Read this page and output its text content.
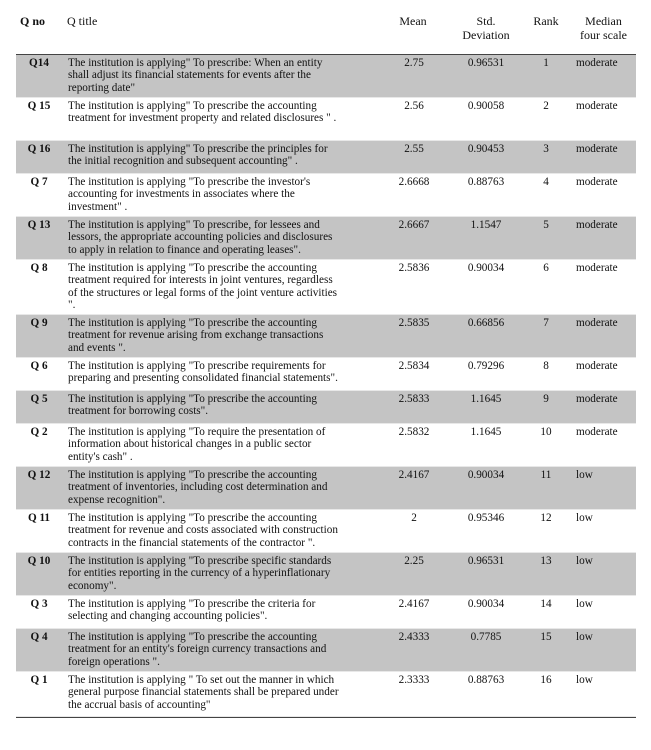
Q no Q title	Mean	Std.
Deviation
Rank	Median
four scale
Q14	The institution is applying" To prescribe: When an entity
shall adjust its financial statements for events after the
reporting date"
2.75	0.96531	1	moderate
Q 15	The institution is applying" To prescribe the accounting
treatment for investment property and related disclosures " .
2.56	0.90058	2	moderate
Q 16	The institution is applying" To prescribe the principles for
the initial recognition and subsequent accounting" .
2.55	0.90453	3	moderate
Q 7	The institution is applying "To prescribe the investor's
accounting for investments in associates where the
investment" .
2.6668	0.88763	4	moderate
Q 13	The institution is applying" To prescribe, for lessees and
lessors, the appropriate accounting policies and disclosures
to apply in relation to finance and operating leases".
2.6667	1.1547	5	moderate
Q 8	The institution is applying "To prescribe the accounting
treatment required for interests in joint ventures, regardless
of the structures or legal forms of the joint venture activities
".
2.5836	0.90034	6	moderate
Q 9	The institution is applying "To prescribe the accounting
treatment for revenue arising from exchange transactions
and events ".
2.5835	0.66856	7	moderate
Q 6	The institution is applying "To prescribe requirements for
preparing and presenting consolidated financial statements".
2.5834	0.79296	8	moderate
Q 5	The institution is applying "To prescribe the accounting
treatment for borrowing costs".
2.5833	1.1645	9	moderate
Q 2	The institution is applying "To require the presentation of
information about historical changes in a public sector
entity's cash" .
2.5832	1.1645	10	moderate
Q 12	The institution is applying "To prescribe the accounting
treatment of inventories, including cost determination and
expense recognition".
2.4167	0.90034	11	low
Q 11	The institution is applying "To prescribe the accounting
treatment for revenue and costs associated with construction
contracts in the financial statements of the contractor ".
2	0.95346	12	low
Q 10	The institution is applying "To prescribe specific standards
for entities reporting in the currency of a hyperinflationary
economy".
2.25	0.96531	13	low
Q 3	The institution is applying "To prescribe the criteria for
selecting and changing accounting policies".
2.4167	0.90034	14	low
Q 4	The institution is applying "To prescribe the accounting
treatment for an entity's foreign currency transactions and
foreign operations ".
2.4333	0.7785	15	low
Q 1	The institution is applying " To set out the manner in which
general purpose financial statements shall be prepared under
the accrual basis of accounting"
2.3333	0.88763	16	low
